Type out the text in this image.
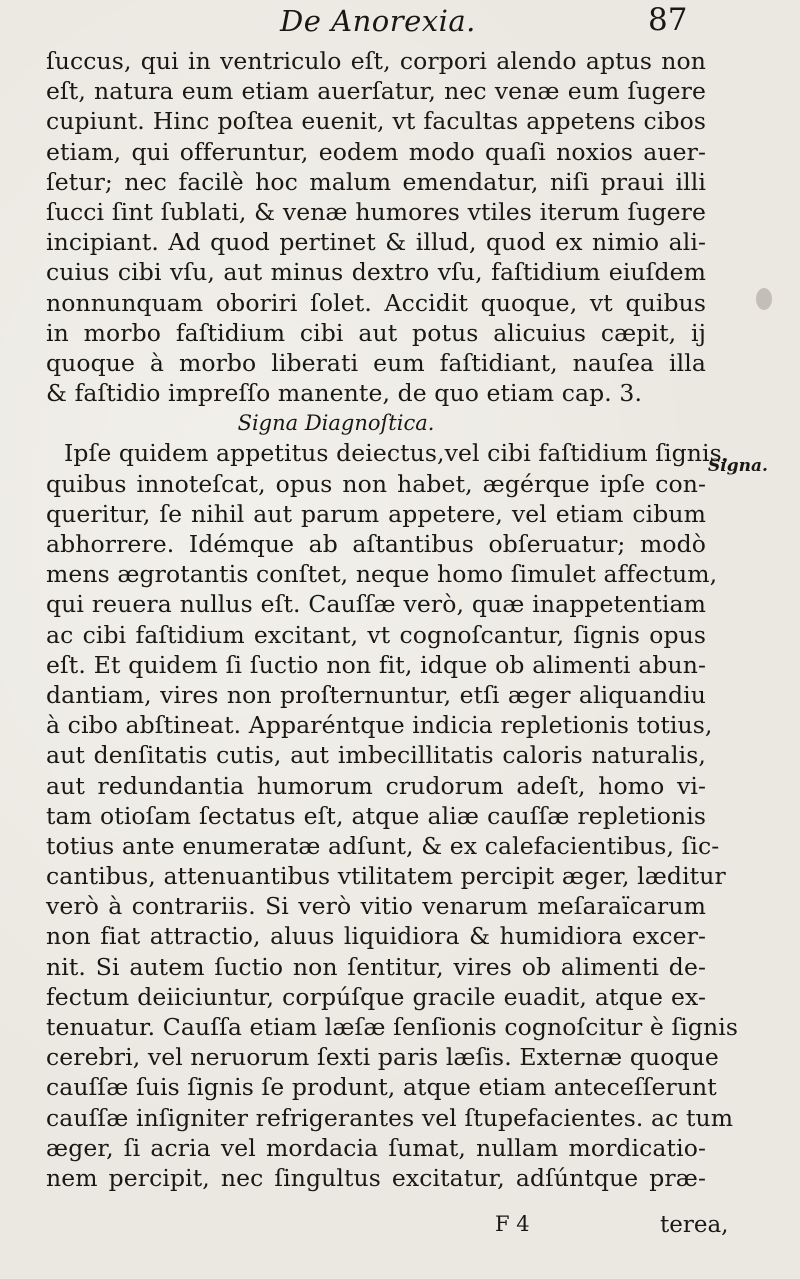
De Anorexia.	87
ſuccus, qui in ventriculo eſt, corpori alendo aptus non
eſt, natura eum etiam auerſatur, nec venæ eum ſugere
cupiunt. Hinc poſtea euenit, vt facultas appetens cibos
etiam, qui offeruntur, eodem modo quaſi noxios auer-
ſetur; nec facilè hoc malum emendatur, niſi praui illi
ſucci ſint ſublati, & venæ humores vtiles iterum ſugere
incipiant. Ad quod pertinet & illud, quod ex nimio ali-
cuius cibi vſu, aut minus dextro vſu, faſtidium eiuſdem
nonnunquam oboriri ſolet. Accidit quoque, vt quibus
in morbo faſtidium cibi aut potus alicuius cæpit, ij
quoque à morbo liberati eum faſtidiant, nauſea illa
& faſtidio impreſſo manente, de quo etiam cap. 3.
Signa Diagnoſtica.
Ipſe quidem appetitus deiectus,vel cibi faſtidium ſignis,
quibus innoteſcat, opus non habet, ægérque ipſe con-
queritur, ſe nihil aut parum appetere, vel etiam cibum
abhorrere. Idémque ab aſtantibus obſeruatur; modò
mens ægrotantis conſtet, neque homo ſimulet affectum,
qui reuera nullus eſt. Cauſſæ verò, quæ inappetentiam
ac cibi faſtidium excitant, vt cognoſcantur, ſignis opus
eſt. Et quidem ſi ſuctio non fit, idque ob alimenti abun-
dantiam, vires non proſternuntur, etſi æger aliquandiu
à cibo abſtineat. Apparéntque indicia repletionis totius,
aut denſitatis cutis, aut imbecillitatis caloris naturalis,
aut redundantia humorum crudorum adeſt, homo vi-
tam otioſam ſectatus eſt, atque aliæ cauſſæ repletionis
totius ante enumeratæ adſunt, & ex calefacientibus, ſic-
cantibus, attenuantibus vtilitatem percipit æger, læditur
verò à contrariis. Si verò vitio venarum meſaraïcarum
non fiat attractio, aluus liquidiora & humidiora excer-
nit. Si autem ſuctio non ſentitur, vires ob alimenti de-
fectum deiiciuntur, corpúſque gracile euadit, atque ex-
tenuatur. Cauſſa etiam læſæ ſenſionis cognoſcitur è ſignis
cerebri, vel neruorum ſexti paris læſis. Externæ quoque
cauſſæ ſuis ſignis ſe produnt, atque etiam anteceſſerunt
cauſſæ inſigniter refrigerantes vel ſtupefacientes. ac tum
æger, ſi acria vel mordacia ſumat, nullam mordicatio-
nem percipit, nec ſingultus excitatur, adſúntque præ-
Signa.
F 4	terea,
